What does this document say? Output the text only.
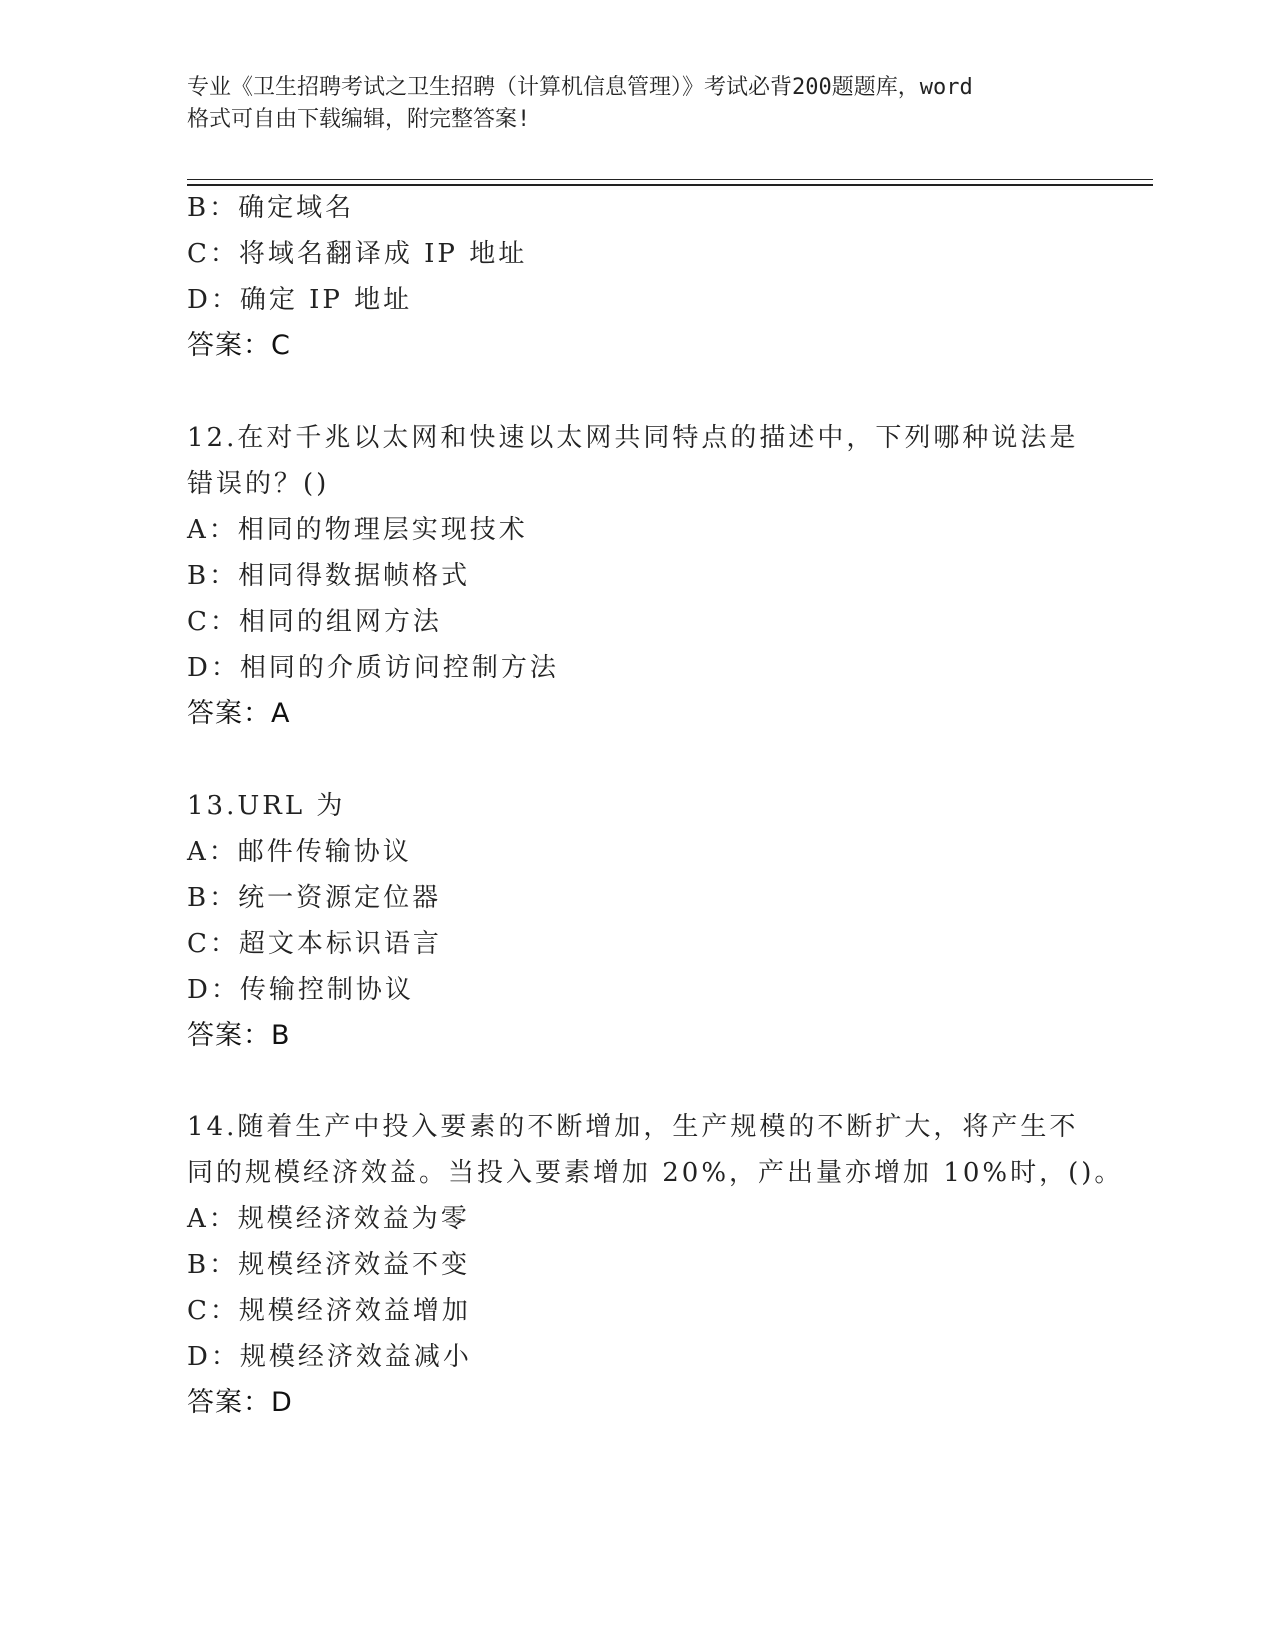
专业《卫生招聘考试之卫生招聘（计算机信息管理）》考试必背200题题库，word
格式可自由下载编辑，附完整答案!
B：确定域名
C：将域名翻译成 IP 地址
D：确定 IP 地址
答案：C
12.在对千兆以太网和快速以太网共同特点的描述中，下列哪种说法是
错误的？()
A：相同的物理层实现技术
B：相同得数据帧格式
C：相同的组网方法
D：相同的介质访问控制方法
答案：A
13.URL 为
A：邮件传输协议
B：统一资源定位器
C：超文本标识语言
D：传输控制协议
答案：B
14.随着生产中投入要素的不断增加，生产规模的不断扩大，将产生不
同的规模经济效益。当投入要素增加 20%，产出量亦增加 10%时，()。
A：规模经济效益为零
B：规模经济效益不变
C：规模经济效益增加
D：规模经济效益减小
答案：D
